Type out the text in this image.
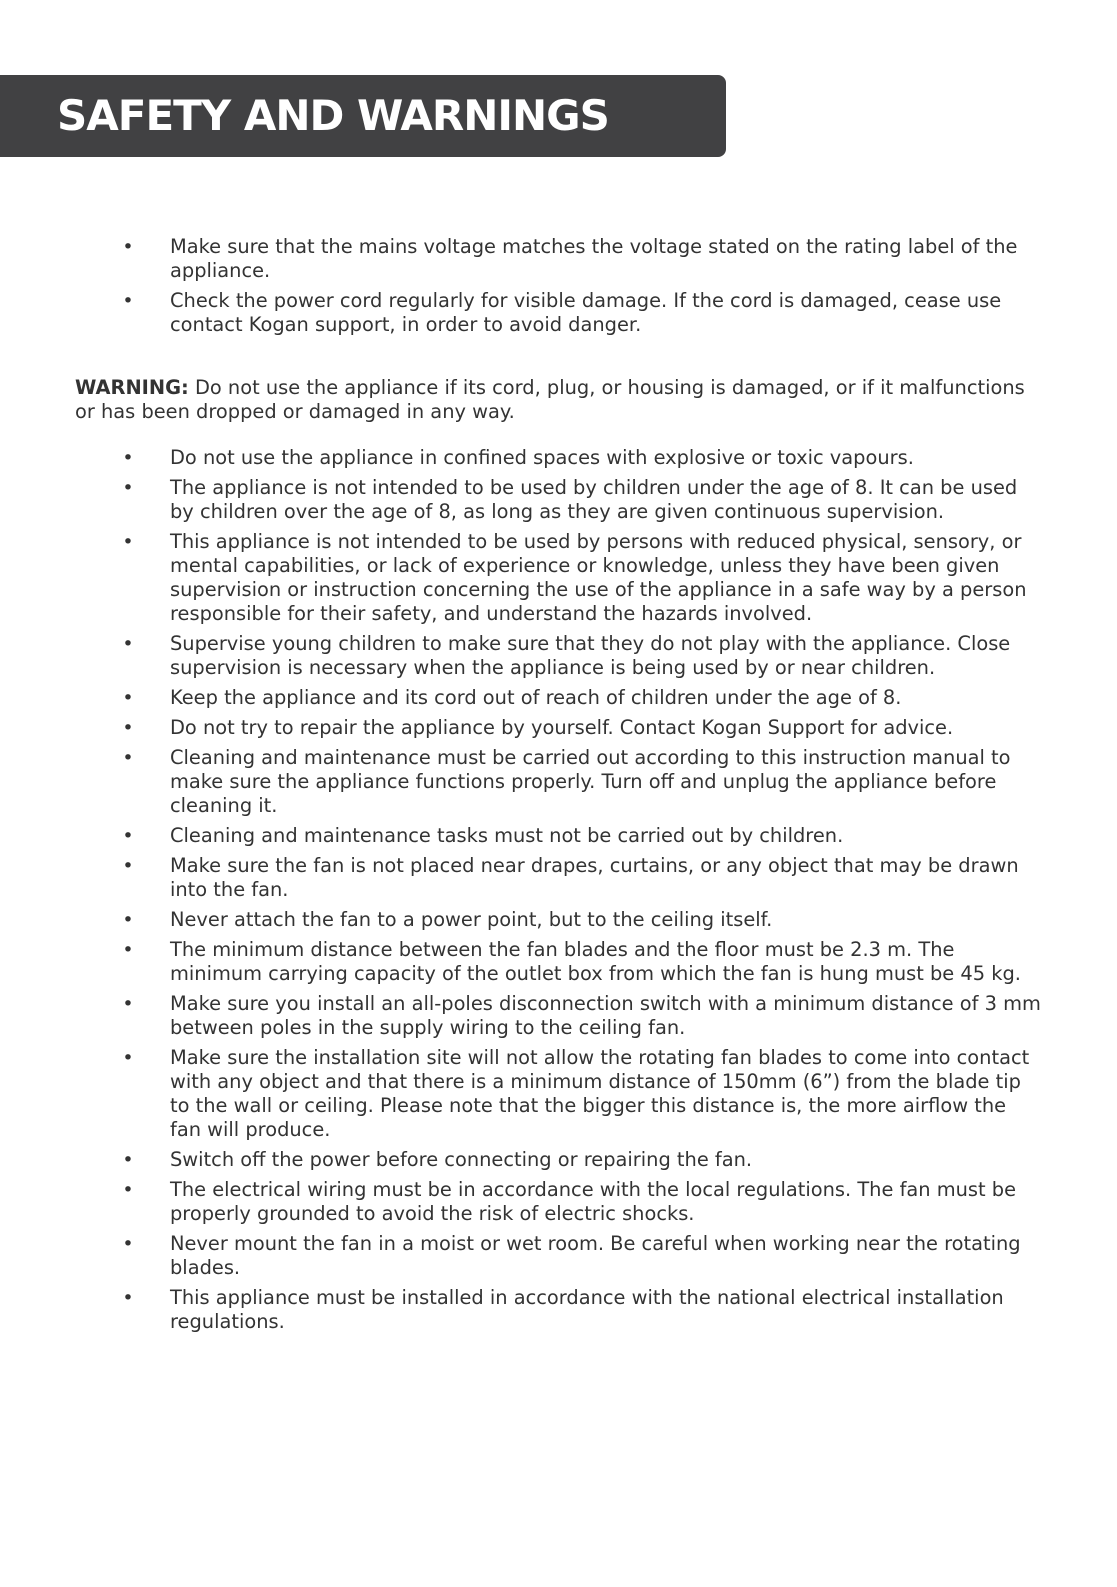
SAFETY AND WARNINGS
• Make sure that the mains voltage matches the voltage stated on the rating label of the appliance.
• Check the power cord regularly for visible damage. If the cord is damaged, cease use contact Kogan support, in order to avoid danger.

WARNING: Do not use the appliance if its cord, plug, or housing is damaged, or if it malfunctions or has been dropped or damaged in any way.

• Do not use the appliance in confined spaces with explosive or toxic vapours.
• The appliance is not intended to be used by children under the age of 8. It can be used by children over the age of 8, as long as they are given continuous supervision.
• This appliance is not intended to be used by persons with reduced physical, sensory, or mental capabilities, or lack of experience or knowledge, unless they have been given supervision or instruction concerning the use of the appliance in a safe way by a person responsible for their safety, and understand the hazards involved.
• Supervise young children to make sure that they do not play with the appliance. Close supervision is necessary when the appliance is being used by or near children.
• Keep the appliance and its cord out of reach of children under the age of 8.
• Do not try to repair the appliance by yourself. Contact Kogan Support for advice.
• Cleaning and maintenance must be carried out according to this instruction manual to make sure the appliance functions properly. Turn off and unplug the appliance before cleaning it.
• Cleaning and maintenance tasks must not be carried out by children.
• Make sure the fan is not placed near drapes, curtains, or any object that may be drawn into the fan.
• Never attach the fan to a power point, but to the ceiling itself.
• The minimum distance between the fan blades and the floor must be 2.3 m. The minimum carrying capacity of the outlet box from which the fan is hung must be 45 kg.
• Make sure you install an all-poles disconnection switch with a minimum distance of 3 mm between poles in the supply wiring to the ceiling fan.
• Make sure the installation site will not allow the rotating fan blades to come into contact with any object and that there is a minimum distance of 150mm (6”) from the blade tip to the wall or ceiling. Please note that the bigger this distance is, the more airflow the fan will produce.
• Switch off the power before connecting or repairing the fan.
• The electrical wiring must be in accordance with the local regulations. The fan must be properly grounded to avoid the risk of electric shocks.
• Never mount the fan in a moist or wet room. Be careful when working near the rotating blades.
• This appliance must be installed in accordance with the national electrical installation regulations.
